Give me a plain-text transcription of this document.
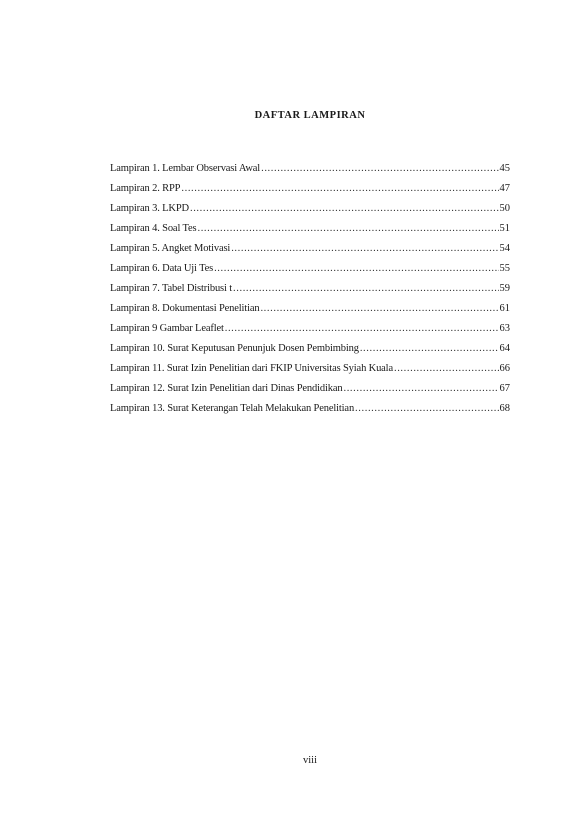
DAFTAR LAMPIRAN
Lampiran 1. Lembar Observasi Awal .....	45
Lampiran 2. RPP .....	47
Lampiran 3. LKPD .....	50
Lampiran 4. Soal Tes .....	51
Lampiran 5. Angket Motivasi .....	54
Lampiran 6. Data Uji Tes .....	55
Lampiran 7. Tabel Distribusi t .....	59
Lampiran 8. Dokumentasi Penelitian .....	61
Lampiran 9 Gambar Leaflet .....	63
Lampiran 10. Surat Keputusan Penunjuk Dosen Pembimbing .....	64
Lampiran 11. Surat Izin Penelitian dari FKIP Universitas Syiah Kuala .....	66
Lampiran 12. Surat Izin Penelitian dari Dinas Pendidikan .....	67
Lampiran 13. Surat Keterangan Telah Melakukan Penelitian .....	68
viii
